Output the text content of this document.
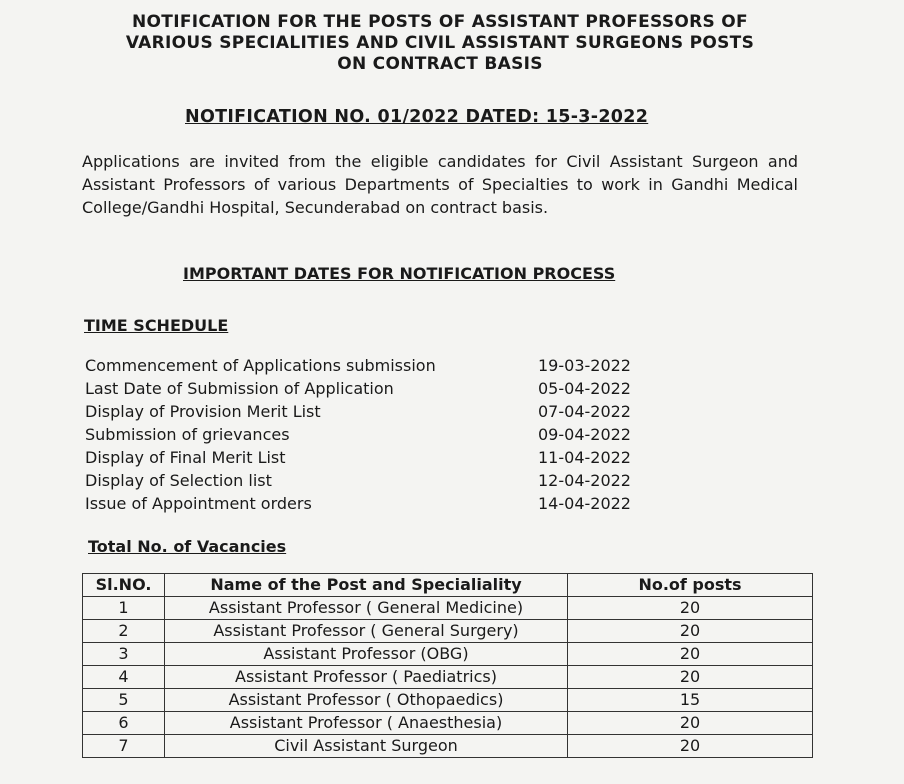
NOTIFICATION FOR THE POSTS OF ASSISTANT PROFESSORS OF
VARIOUS SPECIALITIES AND CIVIL ASSISTANT SURGEONS POSTS
ON CONTRACT BASIS
NOTIFICATION NO. 01/2022 DATED: 15-3-2022
Applications are invited from the eligible candidates for Civil Assistant Surgeon and Assistant Professors of various Departments of Specialties to work in Gandhi Medical College/Gandhi Hospital, Secunderabad on contract basis.
IMPORTANT DATES FOR NOTIFICATION PROCESS
TIME SCHEDULE
Commencement of Applications submission	19-03-2022
Last Date of Submission of Application	05-04-2022
Display of Provision Merit List	07-04-2022
Submission of grievances	09-04-2022
Display of Final Merit List	11-04-2022
Display of Selection list	12-04-2022
Issue of Appointment orders	14-04-2022
Total No. of Vacancies
Sl.NO.	Name of the Post and Specialiality	No.of posts
1	Assistant Professor ( General Medicine)	20
2	Assistant Professor ( General Surgery)	20
3	Assistant Professor (OBG)	20
4	Assistant Professor ( Paediatrics)	20
5	Assistant Professor ( Othopaedics)	15
6	Assistant Professor ( Anaesthesia)	20
7	Civil Assistant Surgeon	20
